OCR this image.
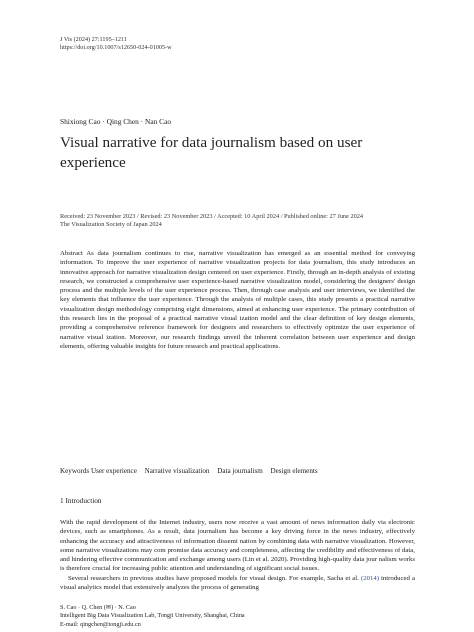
J Vis (2024) 27:1195–1211
https://doi.org/10.1007/s12650-024-01005-w
Shixiong Cao · Qing Chen · Nan Cao
Visual narrative for data journalism based on user experience
Received: 23 November 2023 / Revised: 23 November 2023 / Accepted: 10 April 2024 / Published online: 27 June 2024
The Visualization Society of Japan 2024
Abstract As data journalism continues to rise, narrative visualization has emerged as an essential method for conveying information. To improve the user experience of narrative visualization projects for data journalism, this study introduces an innovative approach for narrative visualization design centered on user experience. Firstly, through an in-depth analysis of existing research, we constructed a comprehensive user experience-based narrative visualization model, considering the designers' design process and the multiple levels of the user experience process. Then, through case analysis and user interviews, we identified the key elements that influence the user experience. Through the analysis of multiple cases, this study presents a practical narrative visualization design methodology comprising eight dimensions, aimed at enhancing user experience. The primary contribution of this research lies in the proposal of a practical narrative visual ization model and the clear definition of key design elements, providing a comprehensive reference framework for designers and researchers to effectively optimize the user experience of narrative visual ization. Moreover, our research findings unveil the inherent correlation between user experience and design elements, offering valuable insights for future research and practical applications.
Keywords User experience Narrative visualization Data journalism Design elements
1 Introduction

With the rapid development of the Internet industry, users now receive a vast amount of news information daily via electronic devices, such as smartphones. As a result, data journalism has become a key driving force in the news industry, effectively enhancing the accuracy and attractiveness of information dissemi nation by combining data with narrative visualization. However, some narrative visualizations may com promise data accuracy and completeness, affecting the credibility and effectiveness of data, and hindering effective communication and exchange among users (Lin et al. 2020). Providing high-quality data jour nalism works is therefore crucial for increasing public attention and understanding of significant social issues.

Several researchers in previous studies have proposed models for visual design. For example, Sacha et al. (2014) introduced a visual analytics model that extensively analyzes the process of generating

S. Cao · Q. Chen (✉) · N. Cao
Intelligent Big Data Visualization Lab, Tongji University, Shanghai, China
E-mail: qingchen@tongji.edu.cn
